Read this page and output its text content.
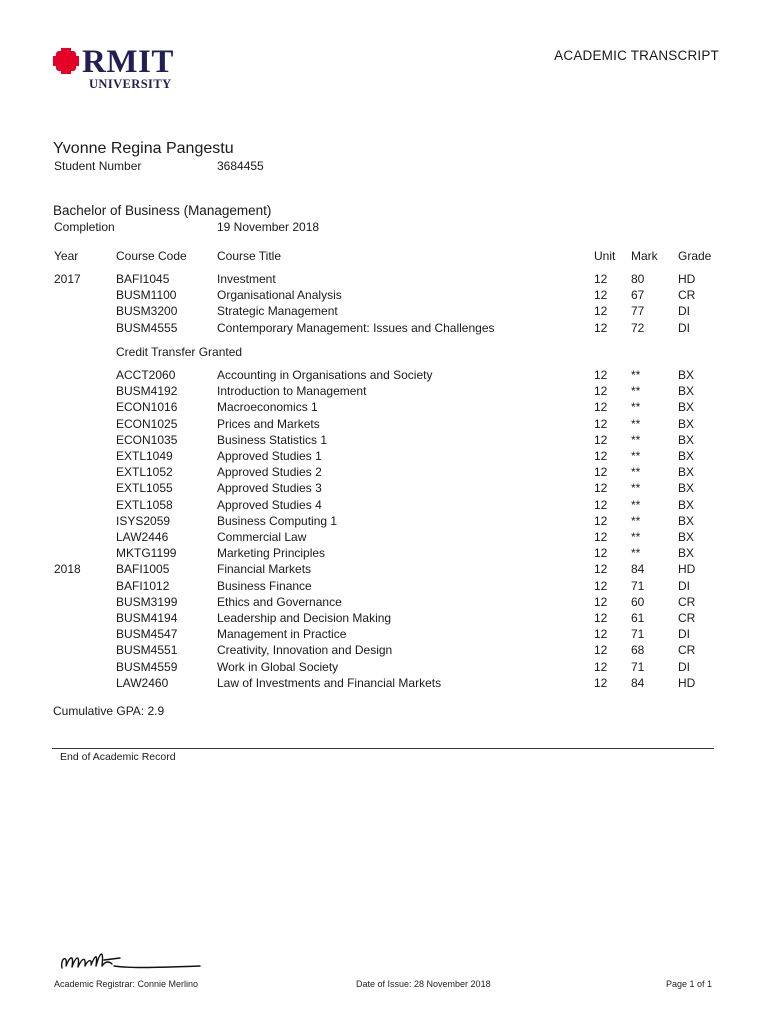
RMIT
UNIVERSITY
ACADEMIC TRANSCRIPT
Yvonne Regina Pangestu
Student Number	3684455
Bachelor of Business (Management)
Completion	19 November 2018
Year	Course Code	Course Title	Unit Mark Grade
2017	BAFI1045	Investment	12 80	HD
BUSM1100	Organisational Analysis	12 67	CR
BUSM3200	Strategic Management	12 77	DI
BUSM4555	Contemporary Management: Issues and Challenges	12 72	DI
Credit Transfer Granted
ACCT2060	Accounting in Organisations and Society	12 **	BX
BUSM4192	Introduction to Management	12 **	BX
ECON1016	Macroeconomics 1	12 **	BX
ECON1025	Prices and Markets	12 **	BX
ECON1035	Business Statistics 1	12 **	BX
EXTL1049	Approved Studies 1	12 **	BX
EXTL1052	Approved Studies 2	12 **	BX
EXTL1055	Approved Studies 3	12 **	BX
EXTL1058	Approved Studies 4	12 **	BX
ISYS2059	Business Computing 1	12 **	BX
LAW2446	Commercial Law	12 **	BX
MKTG1199	Marketing Principles	12 **	BX
2018	BAFI1005	Financial Markets	12 84	HD
BAFI1012	Business Finance	12 71	DI
BUSM3199	Ethics and Governance	12 60	CR
BUSM4194	Leadership and Decision Making	12 61	CR
BUSM4547	Management in Practice	12 71	DI
BUSM4551	Creativity, Innovation and Design	12 68	CR
BUSM4559	Work in Global Society	12 71	DI
LAW2460	Law of Investments and Financial Markets	12 84	HD
Cumulative GPA: 2.9
End of Academic Record
Academic Registrar: Connie Merlino	Date of Issue: 28 November 2018	Page 1 of 1
